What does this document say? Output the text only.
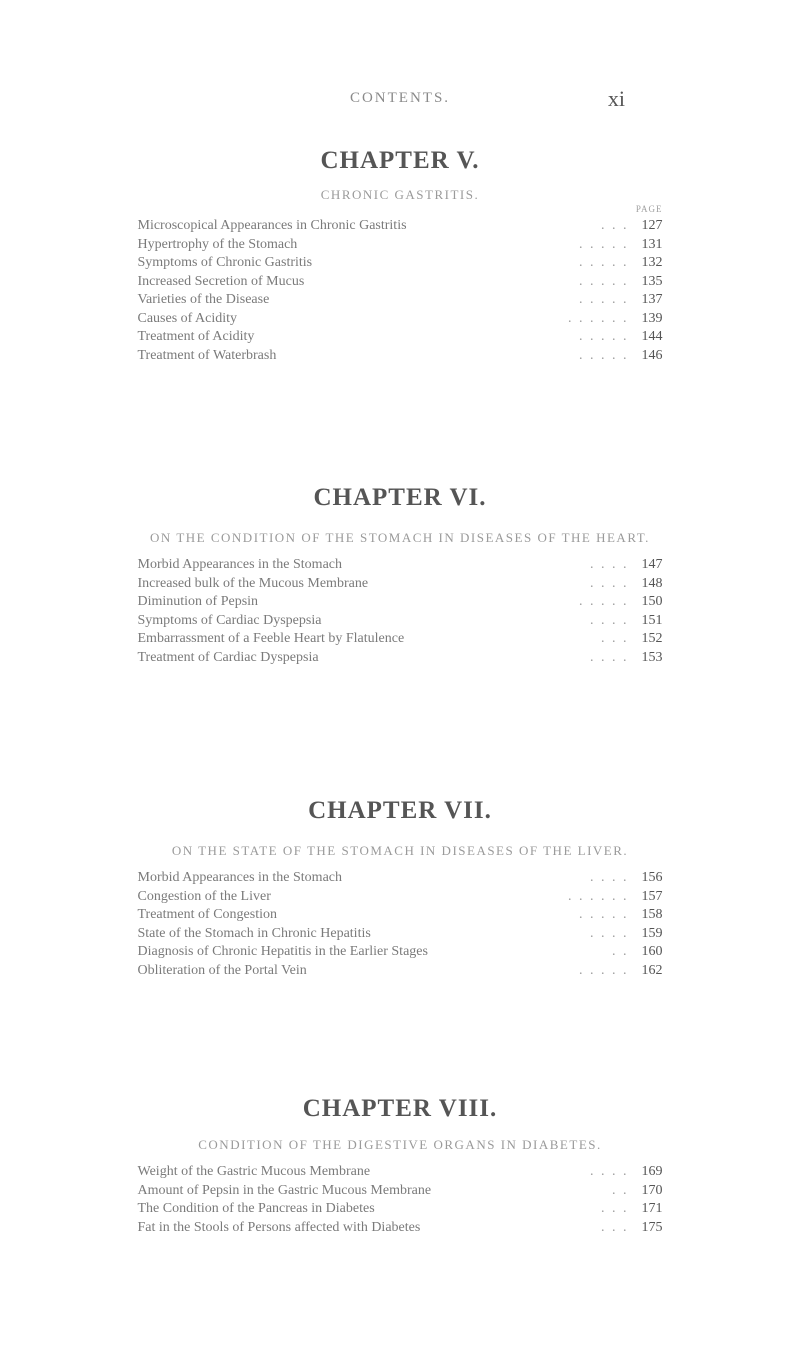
CONTENTS.	xi
CHAPTER V.
CHRONIC GASTRITIS.
PAGE
Microscopical Appearances in Chronic Gastritis	. . . 127
Hypertrophy of the Stomach	. . . . . 131
Symptoms of Chronic Gastritis	. . . . . 132
Increased Secretion of Mucus	. . . . . 135
Varieties of the Disease	. . . . . 137
Causes of Acidity	. . . . . . 139
Treatment of Acidity	. . . . . 144
Treatment of Waterbrash	. . . . . 146
CHAPTER VI.
ON THE CONDITION OF THE STOMACH IN DISEASES OF THE HEART.
Morbid Appearances in the Stomach	. . . . 147
Increased bulk of the Mucous Membrane	. . . . 148
Diminution of Pepsin	. . . . . 150
Symptoms of Cardiac Dyspepsia	. . . . 151
Embarrassment of a Feeble Heart by Flatulence	. . . 152
Treatment of Cardiac Dyspepsia	. . . . 153
CHAPTER VII.
ON THE STATE OF THE STOMACH IN DISEASES OF THE LIVER.
Morbid Appearances in the Stomach	. . . . 156
Congestion of the Liver	. . . . . . 157
Treatment of Congestion	. . . . . 158
State of the Stomach in Chronic Hepatitis	. . . . 159
Diagnosis of Chronic Hepatitis in the Earlier Stages	. . 160
Obliteration of the Portal Vein	. . . . . 162
CHAPTER VIII.
CONDITION OF THE DIGESTIVE ORGANS IN DIABETES.
Weight of the Gastric Mucous Membrane	. . . . 169
Amount of Pepsin in the Gastric Mucous Membrane	. . 170
The Condition of the Pancreas in Diabetes	. . . 171
Fat in the Stools of Persons affected with Diabetes	. . . 175
